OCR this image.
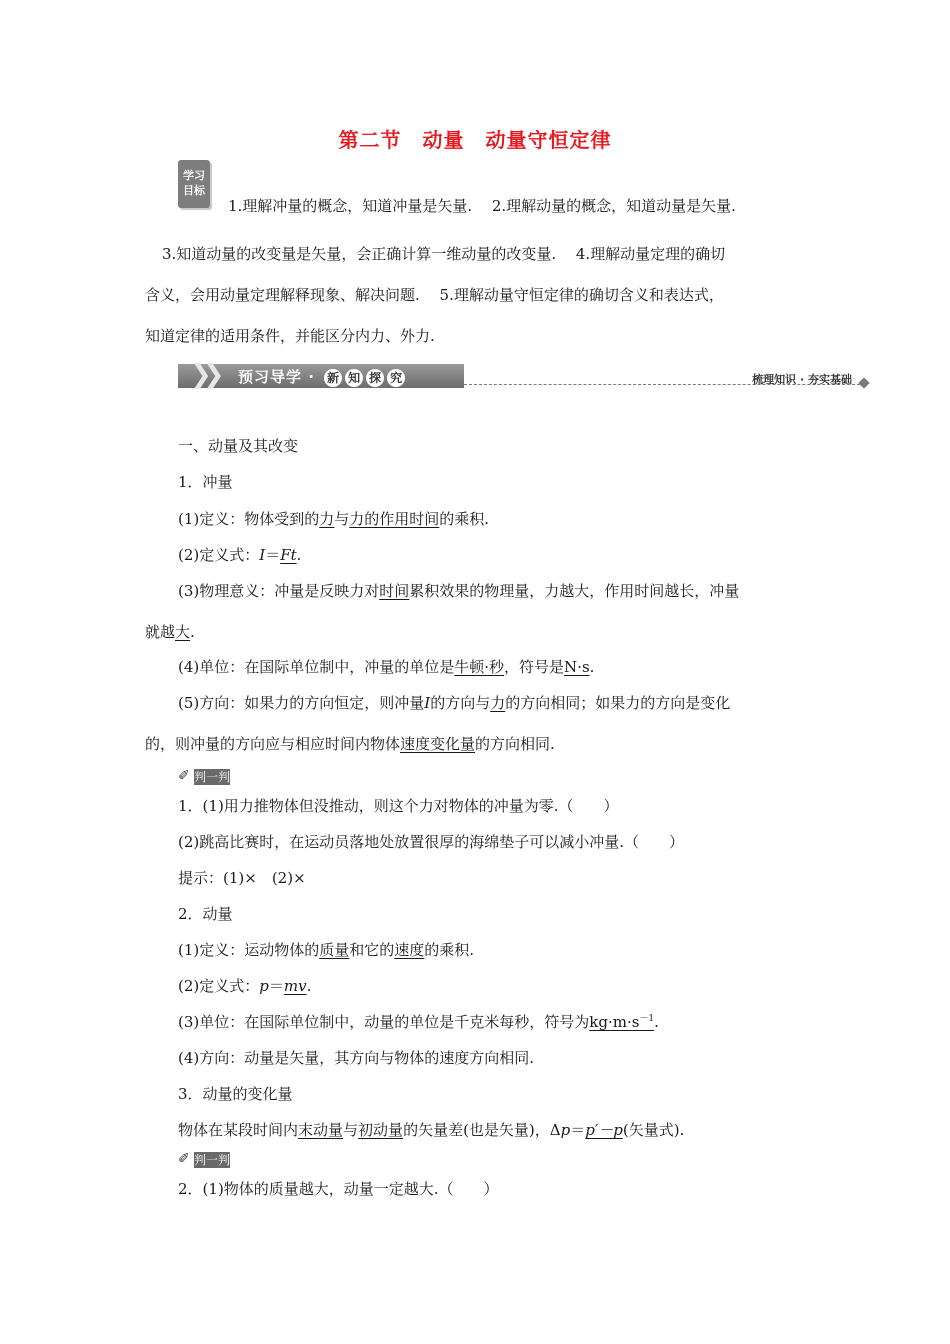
第二节　动量　动量守恒定律
学习
目标
1.理解冲量的概念，知道冲量是矢量.　 2.理解动量的概念，知道动量是矢量.
3.知道动量的改变量是矢量，会正确计算一维动量的改变量.　 4.理解动量定理的确切
含义，会用动量定理解释现象、解决问题.　 5.理解动量守恒定律的确切含义和表达式，
知道定律的适用条件，并能区分内力、外力.
❯❯ 预习导学 · 新 知 探 究	梳理知识 · 夯实基础
一、动量及其改变
1．冲量
(1)定义：物体受到的力与力的作用时间的乘积.
(2)定义式：I＝Ft.
(3)物理意义：冲量是反映力对时间累积效果的物理量，力越大，作用时间越长，冲量
就越大.
(4)单位：在国际单位制中，冲量的单位是牛顿·秒，符号是N·s.
(5)方向：如果力的方向恒定，则冲量I的方向与力的方向相同；如果力的方向是变化
的，则冲量的方向应与相应时间内物体速度变化量的方向相同.
✐ 判一判
1．(1)用力推物体但没推动，则这个力对物体的冲量为零.（　　）
(2)跳高比赛时，在运动员落地处放置很厚的海绵垫子可以减小冲量.（　　）
提示：(1)×　(2)×
2．动量
(1)定义：运动物体的质量和它的速度的乘积.
(2)定义式：p＝mv.
(3)单位：在国际单位制中，动量的单位是千克米每秒，符号为$kg\cdot m\cdot s^{-1}$.
(4)方向：动量是矢量，其方向与物体的速度方向相同.
3．动量的变化量
物体在某段时间内末动量与初动量的矢量差(也是矢量)，Δp＝p′－p(矢量式).
✐ 判一判
2．(1)物体的质量越大，动量一定越大.（　　）
